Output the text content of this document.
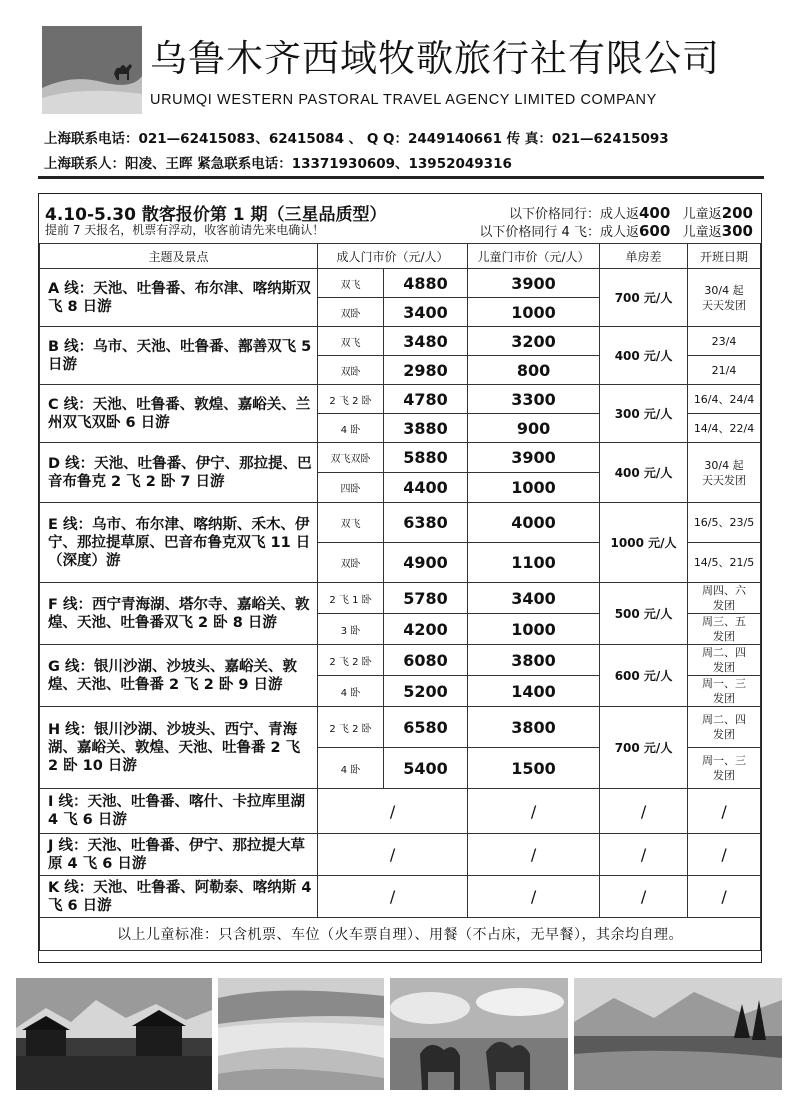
乌鲁木齐西域牧歌旅行社有限公司
URUMQI WESTERN PASTORAL TRAVEL AGENCY LIMITED COMPANY
上海联系电话：021—62415083、62415084 、 Q Q：2449140661 传 真：021—62415093
上海联系人：阳凌、王晖 紧急联系电话：13371930609、13952049316
4.10-5.30 散客报价第 1 期（三星品质型）
提前 7 天报名，机票有浮动，收客前请先来电确认！
以下价格同行：成人返400 儿童返200
以下价格同行 4 飞：成人返600 儿童返300
主题及景点	成人门市价（元/人）		儿童门市价（元/人）	单房差	开班日期
A 线：天池、吐鲁番、布尔津、喀纳斯双飞 8 日游	双飞	4880	3900	700 元/人	30/4 起
天天发团
	双卧	3400	1000		
B 线：乌市、天池、吐鲁番、鄯善双飞 5 日游	双飞	3480	3200	400 元/人	23/4
	双卧	2980	800		21/4
C 线：天池、吐鲁番、敦煌、嘉峪关、兰州双飞双卧 6 日游	2 飞 2 卧	4780	3300	300 元/人	16/4、24/4
	4 卧	3880	900		14/4、22/4
D 线：天池、吐鲁番、伊宁、那拉提、巴音布鲁克 2 飞 2 卧 7 日游	双飞双卧	5880	3900	400 元/人	30/4 起
天天发团
	四卧	4400	1000		
E 线：乌市、布尔津、喀纳斯、禾木、伊宁、那拉提草原、巴音布鲁克双飞 11 日（深度）游	双飞	6380	4000	1000 元/人	16/5、23/5
	双卧	4900	1100		14/5、21/5
F 线：西宁青海湖、塔尔寺、嘉峪关、敦煌、天池、吐鲁番双飞 2 卧 8 日游	2 飞 1 卧	5780	3400	500 元/人	周四、六
发团
	3 卧	4200	1000		周三、五
发团
G 线：银川沙湖、沙坡头、嘉峪关、敦煌、天池、吐鲁番 2 飞 2 卧 9 日游	2 飞 2 卧	6080	3800	600 元/人	周二、四
发团
	4 卧	5200	1400		周一、三
发团
H 线：银川沙湖、沙坡头、西宁、青海湖、嘉峪关、敦煌、天池、吐鲁番 2 飞 2 卧 10 日游	2 飞 2 卧	6580	3800	700 元/人	周二、四
发团
	4 卧	5400	1500		周一、三
发团
I 线：天池、吐鲁番、喀什、卡拉库里湖 4 飞 6 日游	/		/	/	/
J 线：天池、吐鲁番、伊宁、那拉提大草原 4 飞 6 日游	/		/	/	/
K 线：天池、吐鲁番、阿勒泰、喀纳斯 4 飞 6 日游	/		/	/	/
以上儿童标准：只含机票、车位（火车票自理）、用餐（不占床，无早餐），其余均自理。					
